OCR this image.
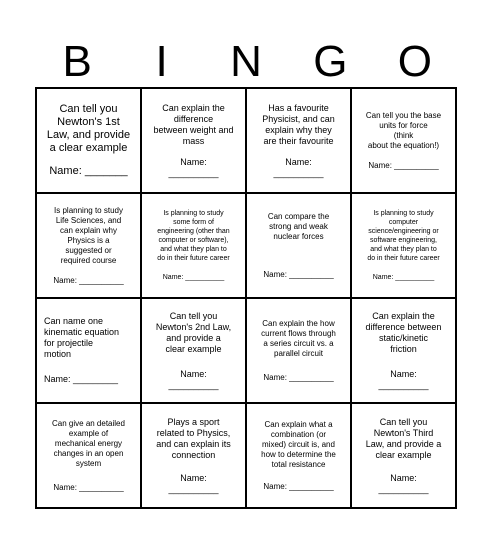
B	I	N	G	O
Can tell you
Newton's 1st
Law, and provide
a clear example
Name: _______
Can explain the
difference
between weight and
mass
Name:
__________
Has a favourite
Physicist, and can
explain why they
are their favourite
Name:
__________
Can tell you the base
units for force
(think
about the equation!)
Name: __________
Is planning to study
Life Sciences, and
can explain why
Physics is a
suggested or
required course
Name: __________
Is planning to study
some form of
engineering (other than
computer or software),
and what they plan to
do in their future career
Name: __________
Can compare the
strong and weak
nuclear forces
Name: __________
Is planning to study
computer
science/engineering or
software engineering,
and what they plan to
do in their future career
Name: __________
Can name one
kinematic equation
for projectile
motion
Name: _________
Can tell you
Newton's 2nd Law,
and provide a
clear example
Name:
__________
Can explain the how
current flows through
a series circuit vs. a
parallel circuit
Name: __________
Can explain the
difference between
static/kinetic
friction
Name:
__________
Can give an detailed
example of
mechanical energy
changes in an open
system
Name: __________
Plays a sport
related to Physics,
and can explain its
connection
Name:
__________
Can explain what a
combination (or
mixed) circuit is, and
how to determine the
total resistance
Name: __________
Can tell you
Newton's Third
Law, and provide a
clear example
Name:
__________
